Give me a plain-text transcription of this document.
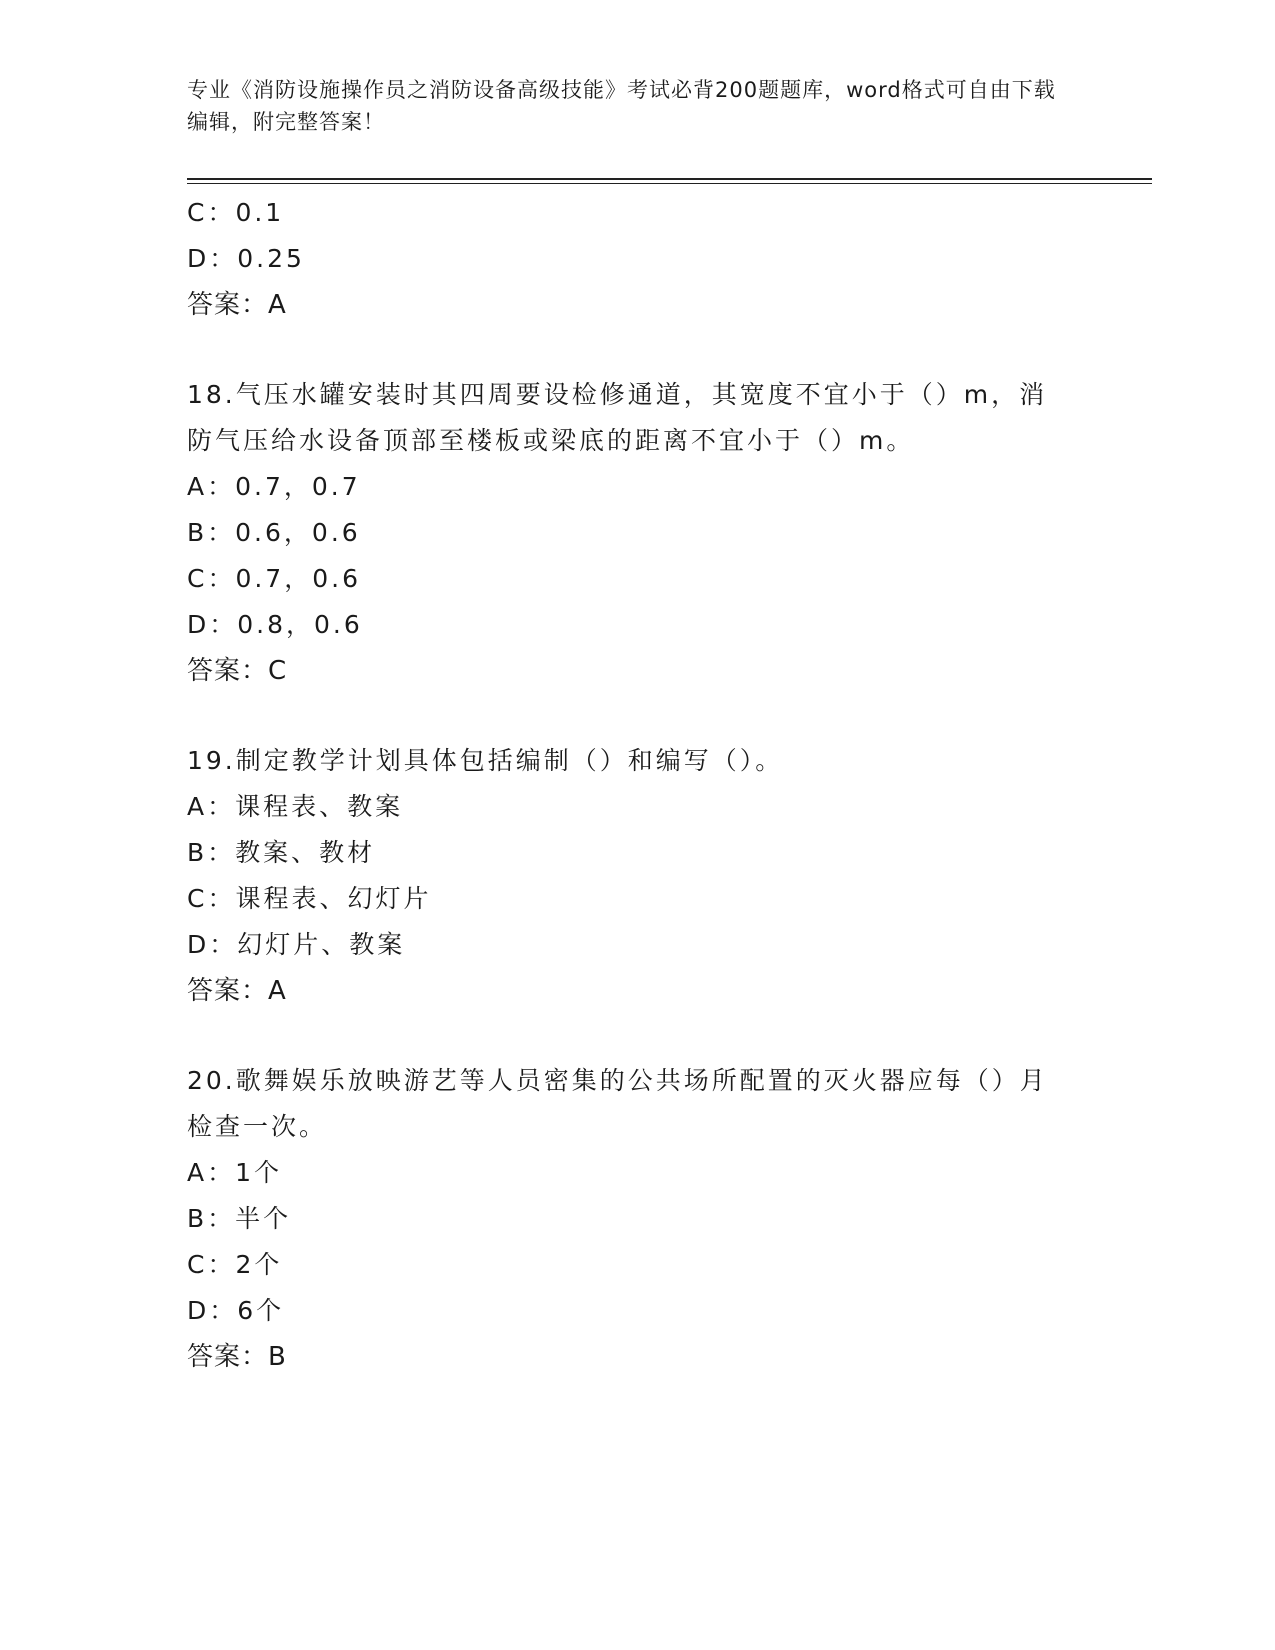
专业《消防设施操作员之消防设备高级技能》考试必背200题题库，word格式可自由下载编辑，附完整答案！

C：0.1
D：0.25
答案：A
18.气压水罐安装时其四周要设检修通道，其宽度不宜小于（）m，消防气压给水设备顶部至楼板或梁底的距离不宜小于（）m。
A：0.7，0.7
B：0.6，0.6
C：0.7，0.6
D：0.8，0.6
答案：C
19.制定教学计划具体包括编制（）和编写（）。
A：课程表、教案
B：教案、教材
C：课程表、幻灯片
D：幻灯片、教案
答案：A
20.歌舞娱乐放映游艺等人员密集的公共场所配置的灭火器应每（）月检查一次。
A：1个
B：半个
C：2个
D：6个
答案：B
